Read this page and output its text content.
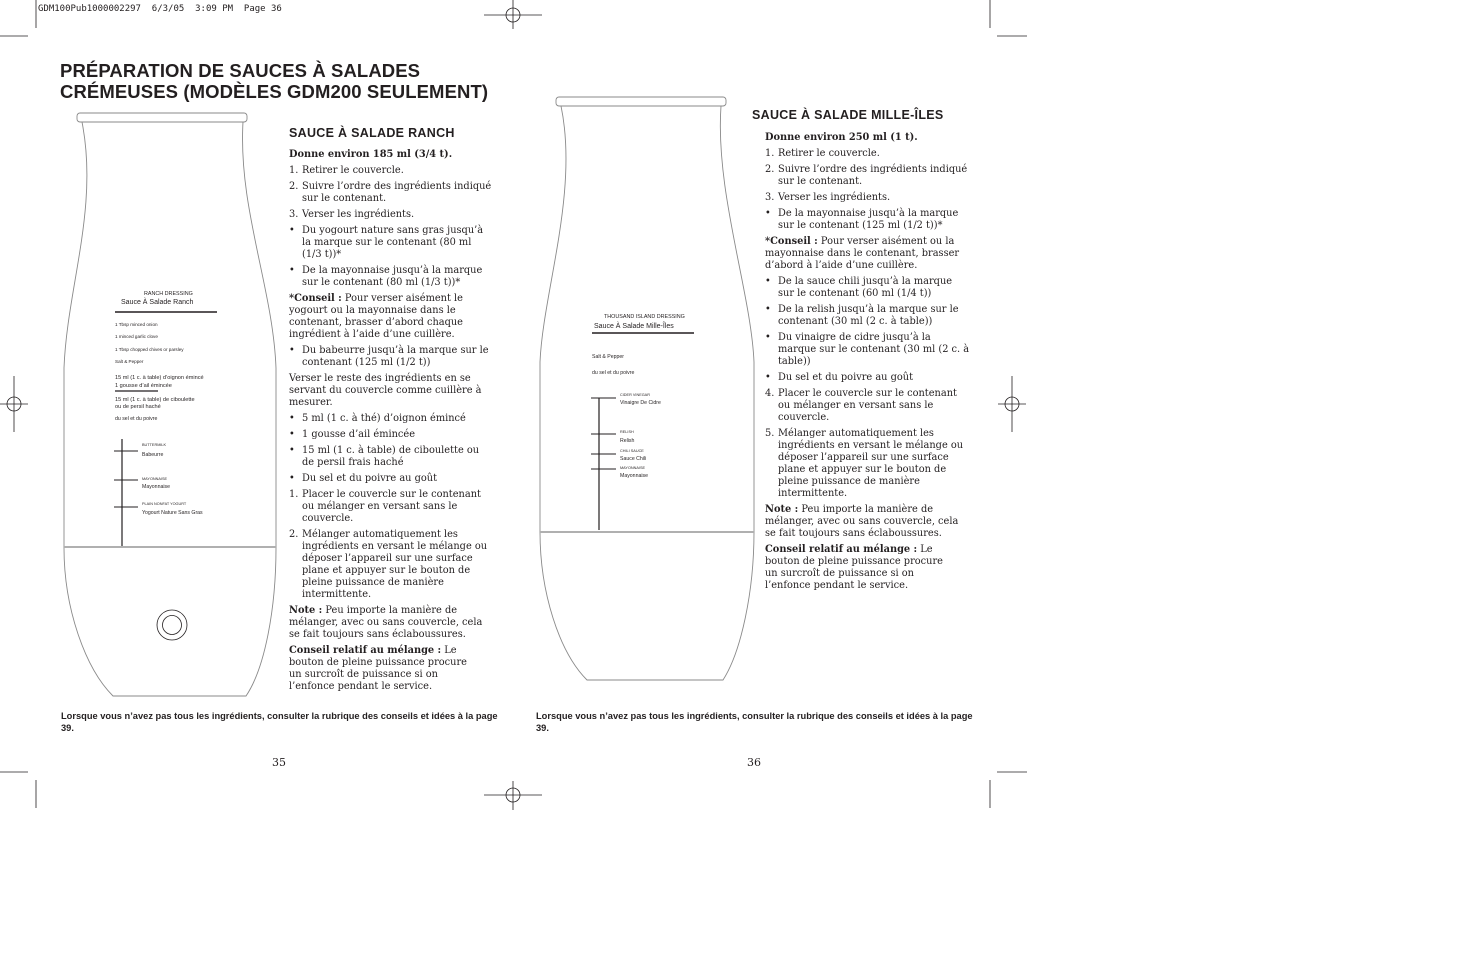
GDM100Pub1000002297  6/3/05  3:09 PM  Page 36
PRÉPARATION DE SAUCES À SALADES
CRÉMEUSES (MODÈLES GDM200 SEULEMENT)
RANCH DRESSING
Sauce À Salade Ranch
1 Tbsp minced onion
1 minced garlic clove
1 Tbsp chopped chives or parsley
Salt & Pepper
15 ml (1 c. à table) d’oignon émincé
1 gousse d’ail émincée
15 ml (1 c. à table) de ciboulette
ou de persil haché
du sel et du poivre
BUTTERMILK
Babeurre
MAYONNAISE
Mayonnaise
PLAIN NONFAT YOGURT
Yogourt Nature Sans Gras
SAUCE À SALADE RANCH
Donne environ 185 ml (3/4 t).
1. Retirer le couvercle.
2. Suivre l’ordre des ingrédients indiqué sur le contenant.
3. Verser les ingrédients.
• Du yogourt nature sans gras jusqu’à la marque sur le contenant (80 ml (1/3 t))*
• De la mayonnaise jusqu’à la marque sur le contenant (80 ml (1/3 t))*

*Conseil : Pour verser aisément le yogourt ou la mayonnaise dans le contenant, brasser d’abord chaque ingrédient à l’aide d’une cuillère.

• Du babeurre jusqu’à la marque sur le contenant (125 ml (1/2 t))

Verser le reste des ingrédients en se servant du couvercle comme cuillère à mesurer.

• 5 ml (1 c. à thé) d’oignon émincé
• 1 gousse d’ail émincée
• 15 ml (1 c. à table) de ciboulette ou de persil frais haché
• Du sel et du poivre au goût
1. Placer le couvercle sur le contenant ou mélanger en versant sans le couvercle.
2. Mélanger automatiquement les ingrédients en versant le mélange ou déposer l’appareil sur une surface plane et appuyer sur le bouton de pleine puissance de manière intermittente.

Note : Peu importe la manière de mélanger, avec ou sans couvercle, cela se fait toujours sans éclaboussures.

Conseil relatif au mélange : Le bouton de pleine puissance procure un surcroît de puissance si on l’enfonce pendant le service.

Lorsque vous n’avez pas tous les ingrédients, consulter la rubrique des conseils et idées à la page 39.
35
THOUSAND ISLAND DRESSING
Sauce À Salade Mille-Îles
Salt & Pepper
du sel et du poivre
CIDER VINEGAR
Vinaigre De Cidre
RELISH
Relish
CHILI SAUCE
Sauce Chili
MAYONNAISE
Mayonnaise
SAUCE À SALADE MILLE-ÎLES
Donne environ 250 ml (1 t).
1. Retirer le couvercle.
2. Suivre l’ordre des ingrédients indiqué sur le contenant.
3. Verser les ingrédients.
• De la mayonnaise jusqu’à la marque sur le contenant (125 ml (1/2 t))*

*Conseil : Pour verser aisément ou la mayonnaise dans le contenant, brasser d’abord à l’aide d’une cuillère.

• De la sauce chili jusqu’à la marque sur le contenant (60 ml (1/4 t))
• De la relish jusqu’à la marque sur le contenant (30 ml (2 c. à table))
• Du vinaigre de cidre jusqu’à la marque sur le contenant (30 ml (2 c. à table))
• Du sel et du poivre au goût
4. Placer le couvercle sur le contenant ou mélanger en versant sans le couvercle.
5. Mélanger automatiquement les ingrédients en versant le mélange ou déposer l’appareil sur une surface plane et appuyer sur le bouton de pleine puissance de manière intermittente.

Note : Peu importe la manière de mélanger, avec ou sans couvercle, cela se fait toujours sans éclaboussures.

Conseil relatif au mélange : Le bouton de pleine puissance procure un surcroît de puissance si on l’enfonce pendant le service.

Lorsque vous n’avez pas tous les ingrédients, consulter la rubrique des conseils et idées à la page 39.
36
